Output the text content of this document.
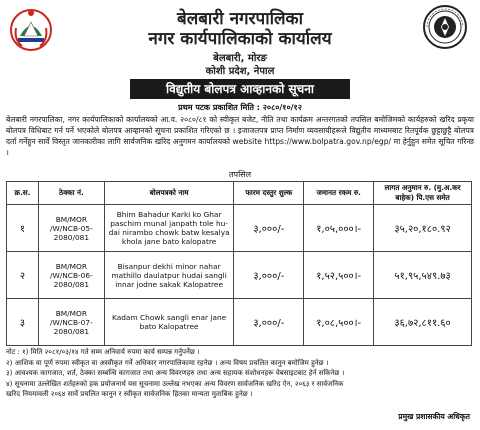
बेलबारी नगरपालिका
नगर कार्यपालिकाको कार्यालय
बेलबारी, मोरङ
कोशी प्रदेश, नेपाल
विद्युतीय बोलपत्र आव्हानको सूचना
प्रथम पटक प्रकाशित मिति : २०८०/१०/१२
बेलबारी नगरपालिका, नगर कार्यपालिकाको कार्यालयको आ.व. २०८०/८१ को स्वीकृत बजेट, नीति तथा कार्यक्रम अन्तरगतको तपसिल बमोजिमको कार्यहरुको खरिद प्रकृया बोलपत्र विधिबाट गर्न पर्ने भएकोले बोलपत्र आव्हानको सूचना प्रकाशित गरिएको छ । इजाजतपत्र प्राप्त निर्माण व्यवसायीहरूले विद्युतीय माध्यमबाट रितपूर्वक छुट्टाछुट्टै बोलपत्र दर्ता गर्नेहुन सार्वे विस्तृत जानकारीका लागि सार्वजनिक खरिद अनुगमन कार्यालयको website https://www.bolpatra.gov.np/egp/ मा हेर्नुहुन समेत सूचित गरिन्छ ।
तपसिल
क्र.स.	ठेक्का नं.	बोलपत्रको नाम	फारम दस्तुर शुल्क	जमानत रकम रु.	लागत अनुमान रु. (मु.अ.कर बाहेक) पि.एस समेत
१	BM/MOR /W/NCB-05- 2080/081	Bhim Bahadur Karki ko Ghar paschim munal janpath tole hu- dai nirambo chowk batw kesalya khola jane bato kalopatre	३,०००/-	१,०५,०००।-	३५,२०,१८०.९२
२	BM/MOR /W/NCB-06- 2080/081	Bisanpur dekhi minor nahar mathillo daulatpur hudai sangli innar jodne sakak Kalopatree	३,०००/-	१,५२,५००।-	५१,९५,५४९.७३
३	BM/MOR /W/NCB-07- 2080/081	Kadam Chowk sangli enar jane bato Kalopatree	३,०००/-	१,०८,५००।-	३६,७२,८११.६०
नोट : १) मिति २०८१/०३/१४ गते सम्म अनिवार्य रुपमा कार्य सम्पन्न गर्नुपर्नेछ ।
२) आशिक वा पूर्ण रुपमा स्वीकृत वा अस्वीकृत गर्ने अधिकार नगरपालिकामा रहनेछ । अन्य विषय प्रचलित कानुन बमोजिम हुनेछ ।
३) आवश्यक कागजात, शर्त, ठेक्का सम्बन्धि कागजात तथा अन्य विवरणहरु तथा अन्य सहायक संशोधनहरू वेबसाइटबाट हेर्न सकिनेछ ।
४) सूचनामा उल्लेखित शर्तहरुको हक प्रयोजनार्थ यस सूचनामा उल्लेख नभएका अन्य विवरण सार्वजनिक खरिद ऐन, २०६३ र सार्वजनिक
खरिद नियमावली २०६४ सार्वे प्रचलित कानुन र स्वीकृत सार्वजनिक हितका मान्यता मुताबिक हुनेछ ।
प्रमुख प्रशासकीय अधिकृत
